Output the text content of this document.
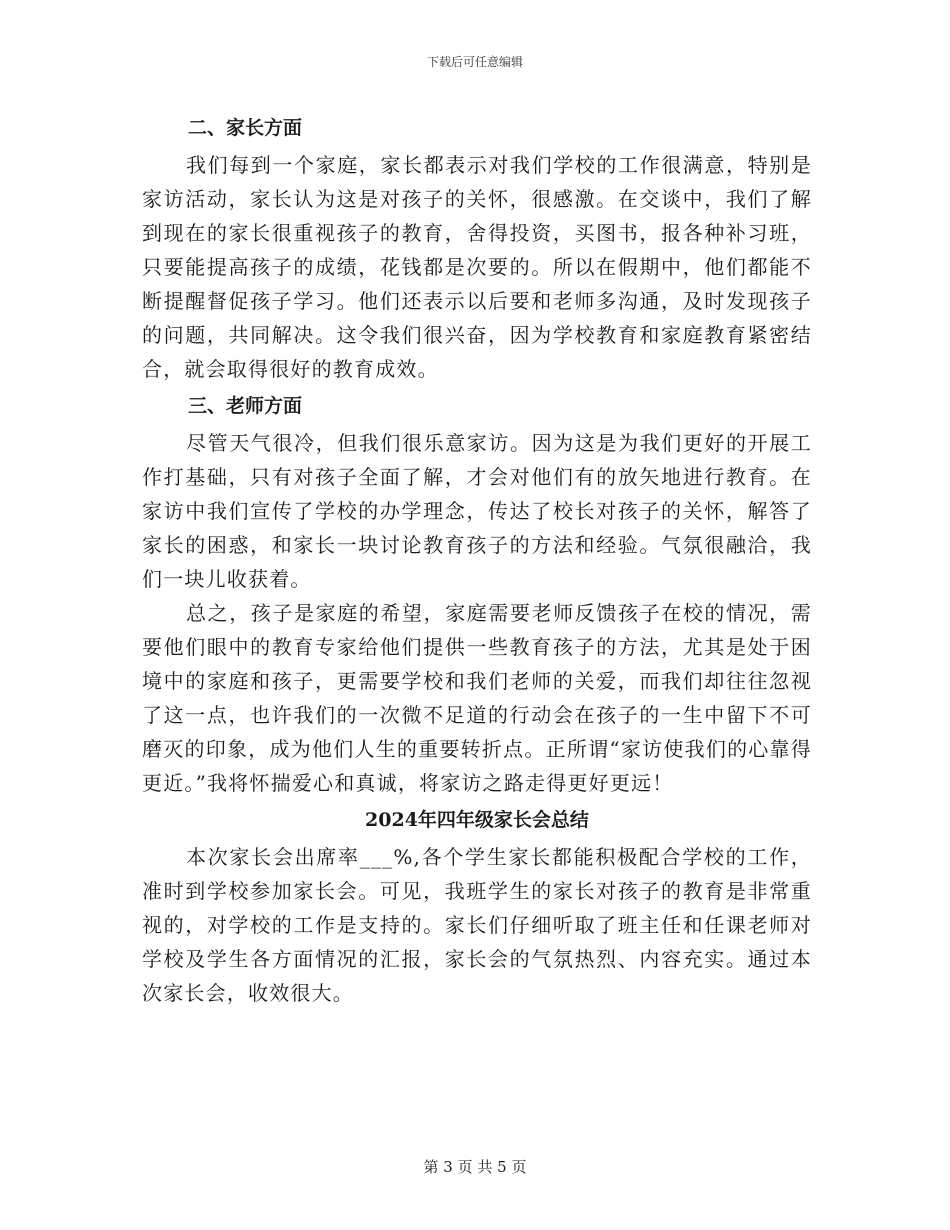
下载后可任意编辑
二、家长方面

我们每到一个家庭，家长都表示对我们学校的工作很满意，特别是家访活动，家长认为这是对孩子的关怀，很感激。在交谈中，我们了解到现在的家长很重视孩子的教育，舍得投资，买图书，报各种补习班，只要能提高孩子的成绩，花钱都是次要的。所以在假期中，他们都能不断提醒督促孩子学习。他们还表示以后要和老师多沟通，及时发现孩子的问题，共同解决。这令我们很兴奋，因为学校教育和家庭教育紧密结合，就会取得很好的教育成效。

三、老师方面

尽管天气很冷，但我们很乐意家访。因为这是为我们更好的开展工作打基础，只有对孩子全面了解，才会对他们有的放矢地进行教育。在家访中我们宣传了学校的办学理念，传达了校长对孩子的关怀，解答了家长的困惑，和家长一块讨论教育孩子的方法和经验。气氛很融洽，我们一块儿收获着。

总之，孩子是家庭的希望，家庭需要老师反馈孩子在校的情况，需要他们眼中的教育专家给他们提供一些教育孩子的方法，尤其是处于困境中的家庭和孩子，更需要学校和我们老师的关爱，而我们却往往忽视了这一点，也许我们的一次微不足道的行动会在孩子的一生中留下不可磨灭的印象，成为他们人生的重要转折点。正所谓“家访使我们的心靠得更近。”我将怀揣爱心和真诚，将家访之路走得更好更远！

2024年四年级家长会总结

本次家长会出席率___%,各个学生家长都能积极配合学校的工作，准时到学校参加家长会。可见，我班学生的家长对孩子的教育是非常重视的，对学校的工作是支持的。家长们仔细听取了班主任和任课老师对学校及学生各方面情况的汇报，家长会的气氛热烈、内容充实。通过本次家长会，收效很大。

第 3 页 共 5 页
